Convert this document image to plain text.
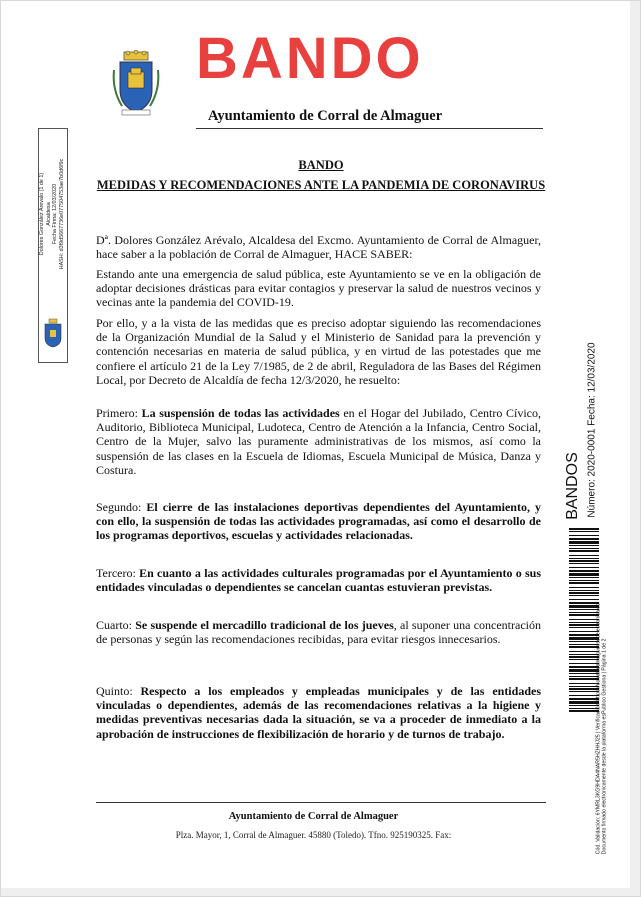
BANDO
Ayuntamiento de Corral de Almaguer
Dolores González Arevalo (1 de 1) Alcaldesa Fecha Firma: 12/03/2020 HASH: d3f9d5667736e077504753ae7b0d6f9c	BANDO
MEDIDAS Y RECOMENDACIONES ANTE LA PANDEMIA DE CORONAVIRUS
Dª. Dolores González Arévalo, Alcaldesa del Excmo. Ayuntamiento de Corral de Almaguer, hace saber a la población de Corral de Almaguer, HACE SABER:
Estando ante una emergencia de salud pública, este Ayuntamiento se ve en la obligación de adoptar decisiones drásticas para evitar contagios y preservar la salud de nuestros vecinos y vecinas ante la pandemia del COVID-19.
Por ello, y a la vista de las medidas que es preciso adoptar siguiendo las recomendaciones de la Organización Mundial de la Salud y el Ministerio de Sanidad para la prevención y contención necesarias en materia de salud pública, y en virtud de las potestades que me confiere el artículo 21 de la Ley 7/1985, de 2 de abril, Reguladora de las Bases del Régimen Local, por Decreto de Alcaldía de fecha 12/3/2020, he resuelto:
Primero: La suspensión de todas las actividades en el Hogar del Jubilado, Centro Cívico, Auditorio, Biblioteca Municipal, Ludoteca, Centro de Atención a la Infancia, Centro Social, Centro de la Mujer, salvo las puramente administrativas de los mismos, así como la suspensión de las clases en la Escuela de Idiomas, Escuela Municipal de Música, Danza y Costura.
Segundo: El cierre de las instalaciones deportivas dependientes del Ayuntamiento, y con ello, la suspensión de todas las actividades programadas, así como el desarrollo de los programas deportivos, escuelas y actividades relacionadas.
Tercero: En cuanto a las actividades culturales programadas por el Ayuntamiento o sus entidades vinculadas o dependientes se cancelan cuantas estuvieran previstas.
Cuarto: Se suspende el mercadillo tradicional de los jueves, al suponer una concentración de personas y según las recomendaciones recibidas, para evitar riesgos innecesarios.
Quinto: Respecto a los empleados y empleadas municipales y de las entidades vinculadas o dependientes, además de las recomendaciones relativas a la higiene y medidas preventivas necesarias dada la situación, se va a proceder de inmediato a la aprobación de instrucciones de flexibilización de horario y de turnos de trabajo.
BANDOS Número: 2020-0001 Fecha: 12/03/2020
Cód. Validación: 6YMRL3KG9HDA4NAR5HZHHJ25 | Verificación: https://corraldealmaguer.sedelectronica.es/ Documento firmado electrónicamente desde la plataforma esPublico Gestiona | Página 1 de 2
Ayuntamiento de Corral de Almaguer
Plza. Mayor, 1, Corral de Almaguer. 45880 (Toledo). Tfno. 925190325. Fax:
